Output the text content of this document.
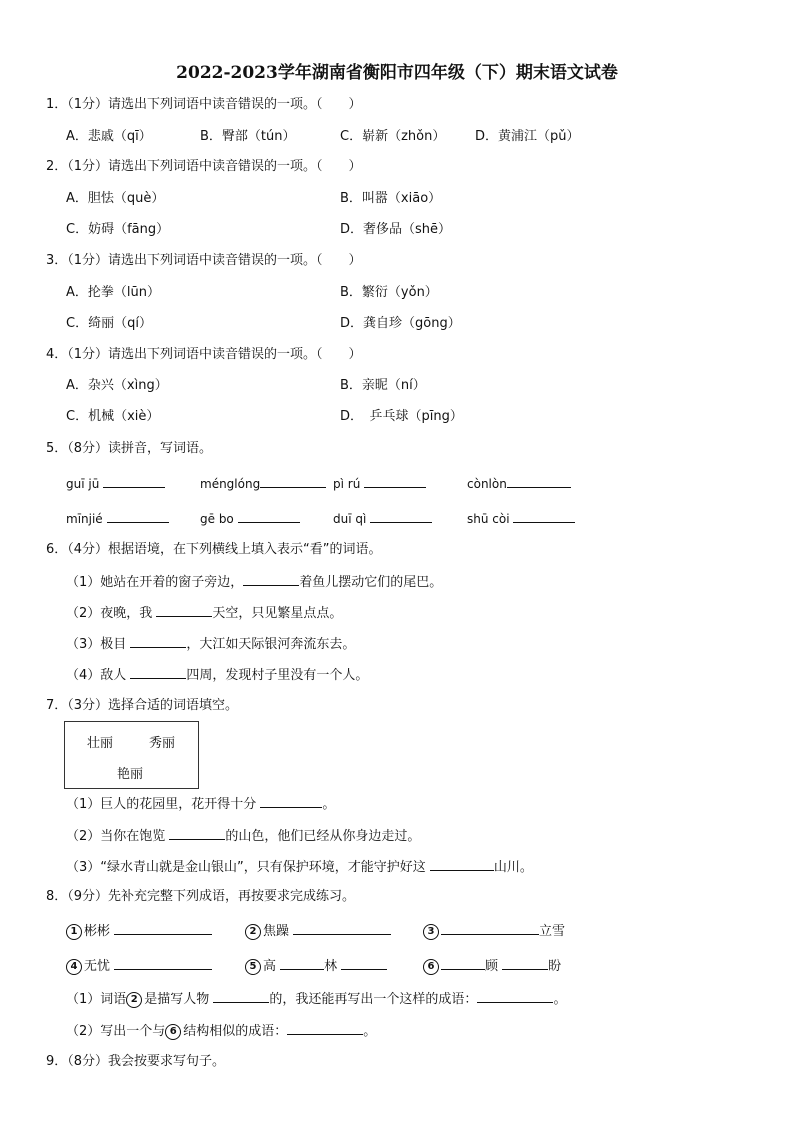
2022-2023学年湖南省衡阳市四年级（下）期末语文试卷
1．（1分）请选出下列词语中读音错误的一项。（　　）
A．悲戚（qī）	B．臀部（tún）	C．崭新（zhǒn） D．黄浦江（pǔ）
2．（1分）请选出下列词语中读音错误的一项。（　　）
A．胆怯（què）	B．叫嚣（xiāo）
C．妨碍（fāng）	D．奢侈品（shē）
3．（1分）请选出下列词语中读音错误的一项。（　　）
A．抡拳（lūn）	B．繁衍（yǒn）
C．绮丽（qí）	D．龚自珍（gōng）
4．（1分）请选出下列词语中读音错误的一项。（　　）
A．杂兴（xìng）	B．亲昵（ní）
C．机械（xiè）	D．　乒乓球（pīng）
5．（8分）读拼音，写词语。
guī jū	ménglóng	pì rú	cònlòn
mīnjié	gē bo	duī qì	shū còi
6．（4分）根据语境，在下列横线上填入表示“看”的词语。
（1）她站在开着的窗子旁边，	着鱼儿摆动它们的尾巴。
（2）夜晚，我	天空，只见繁星点点。
（3）极目	，大江如天际银河奔流东去。
（4）敌人	四周，发现村子里没有一个人。
7．（3分）选择合适的词语填空。
壮丽	秀丽
艳丽
（1）巨人的花园里，花开得十分	。
（2）当你在饱览	的山色，他们已经从你身边走过。
（3）“绿水青山就是金山银山”，只有保护环境，才能守护好这	山川。
8．（9分）先补充完整下列成语，再按要求完成练习。
1 彬彬	2 焦躁	3	立雪
4 无忧	5 高	林	6	顾	盼
（1）词语 2 是描写人物	的，我还能再写出一个这样的成语：	。
（2）写出一个与 6 结构相似的成语：	。
9．（8分）我会按要求写句子。
